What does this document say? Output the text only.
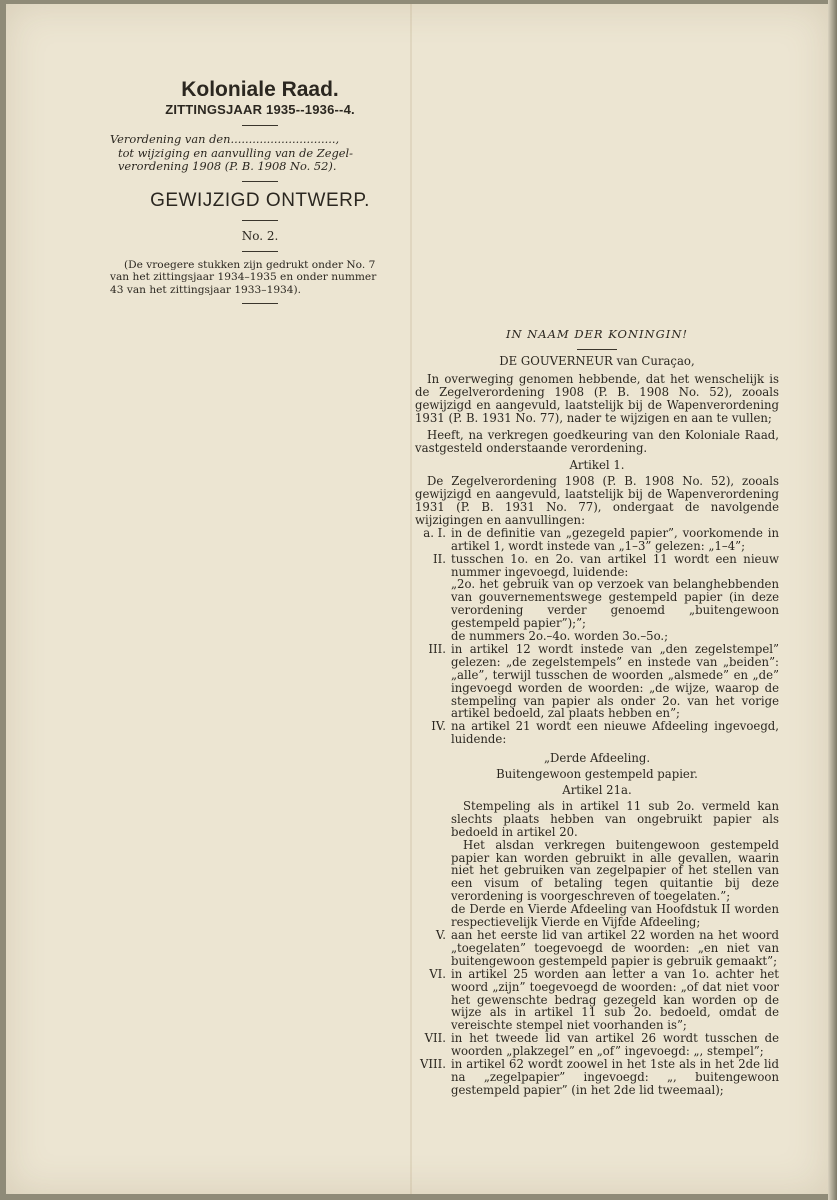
Koloniale Raad.

ZITTINGSJAAR 1935--1936--4.

Verordening van den.............................,

tot wijziging en aanvulling van de Zegel-

verordening 1908 (P. B. 1908 No. 52).

GEWIJZIGD ONTWERP.

No. 2.

(De vroegere stukken zijn gedrukt onder No. 7

van het zittingsjaar 1934–1935 en onder nummer

43 van het zittingsjaar 1933–1934).

IN NAAM DER KONINGIN!

DE GOUVERNEUR van Curaçao,

In overweging genomen hebbende, dat het wenschelijk is de Zegelverordening 1908 (P. B. 1908 No. 52), zooals gewijzigd en aangevuld, laatstelijk bij de Wapenverordening 1931 (P. B. 1931 No. 77), nader te wijzigen en aan te vullen;

Heeft, na verkregen goedkeuring van den Koloniale Raad, vastgesteld onderstaande verordening.

Artikel 1.

De Zegelverordening 1908 (P. B. 1908 No. 52), zooals gewijzigd en aangevuld, laatstelijk bij de Wapenverordening 1931 (P. B. 1931 No. 77), ondergaat de navolgende wijzigingen en aanvullingen:

a. I. in de definitie van „gezegeld papier”, voorkomende in artikel 1, wordt instede van „1–3” gelezen: „1–4”;

II. tusschen 1o. en 2o. van artikel 11 wordt een nieuw nummer ingevoegd, luidende:

„2o. het gebruik van op verzoek van belanghebbenden van gouvernementswege gestempeld papier (in deze verordening verder genoemd „buitengewoon gestempeld papier”);”;

de nummers 2o.–4o. worden 3o.–5o.;

III. in artikel 12 wordt instede van „den zegelstempel” gelezen: „de zegelstempels” en instede van „beiden”: „alle”, terwijl tusschen de woorden „alsmede” en „de” ingevoegd worden de woorden: „de wijze, waarop de stempeling van papier als onder 2o. van het vorige artikel bedoeld, zal plaats hebben en”;

IV. na artikel 21 wordt een nieuwe Afdeeling ingevoegd, luidende:

„Derde Afdeeling.

Buitengewoon gestempeld papier.

Artikel 21a.

Stempeling als in artikel 11 sub 2o. vermeld kan slechts plaats hebben van ongebruikt papier als bedoeld in artikel 20.

Het alsdan verkregen buitengewoon gestempeld papier kan worden gebruikt in alle gevallen, waarin niet het gebruiken van zegelpapier of het stellen van een visum of betaling tegen quitantie bij deze verordening is voorgeschreven of toegelaten.”;

de Derde en Vierde Afdeeling van Hoofdstuk II worden respectievelijk Vierde en Vijfde Afdeeling;

V. aan het eerste lid van artikel 22 worden na het woord „toegelaten” toegevoegd de woorden: „en niet van buitengewoon gestempeld papier is gebruik gemaakt”;

VI. in artikel 25 worden aan letter a van 1o. achter het woord „zijn” toegevoegd de woorden: „of dat niet voor het gewenschte bedrag gezegeld kan worden op de wijze als in artikel 11 sub 2o. bedoeld, omdat de vereischte stempel niet voorhanden is”;

VII. in het tweede lid van artikel 26 wordt tusschen de woorden „plakzegel” en „of” ingevoegd: „, stempel”;

VIII. in artikel 62 wordt zoowel in het 1ste als in het 2de lid na „zegelpapier” ingevoegd: „, buitengewoon gestempeld papier” (in het 2de lid tweemaal);
